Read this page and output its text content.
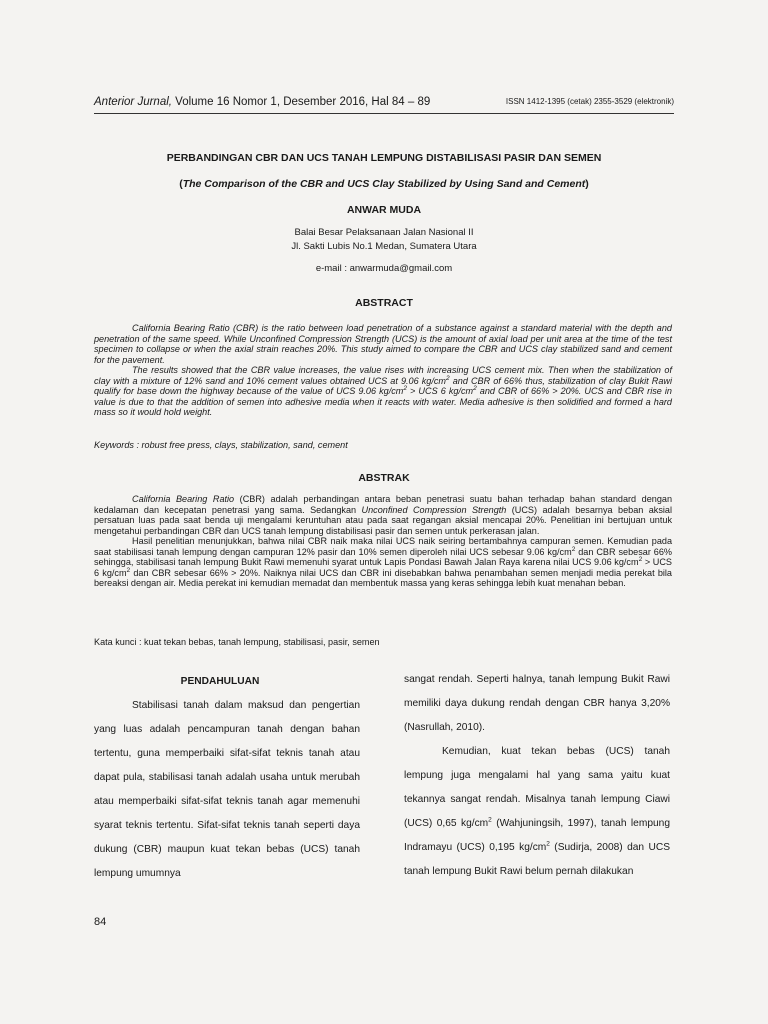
Anterior Jurnal, Volume 16 Nomor 1, Desember 2016, Hal 84 – 89	ISSN 1412-1395 (cetak) 2355-3529 (elektronik)
PERBANDINGAN CBR DAN UCS TANAH LEMPUNG DISTABILISASI PASIR DAN SEMEN
(The Comparison of the CBR and UCS Clay Stabilized by Using Sand and Cement)
ANWAR MUDA
Balai Besar Pelaksanaan Jalan Nasional II
Jl. Sakti Lubis No.1 Medan, Sumatera Utara
e-mail : anwarmuda@gmail.com
ABSTRACT

California Bearing Ratio (CBR) is the ratio between load penetration of a substance against a standard material with the depth and penetration of the same speed. While Unconfined Compression Strength (UCS) is the amount of axial load per unit area at the time of the test specimen to collapse or when the axial strain reaches 20%. This study aimed to compare the CBR and UCS clay stabilized sand and cement for the pavement.

The results showed that the CBR value increases, the value rises with increasing UCS cement mix. Then when the stabilization of clay with a mixture of 12% sand and 10% cement values obtained UCS at 9.06 $kg/cm^2$ and CBR of 66% thus, stabilization of clay Bukit Rawi qualify for base down the highway because of the value of UCS 9.06 $kg/cm^2$ > UCS 6 $kg/cm^2$ and CBR of 66% > 20%. UCS and CBR rise in value is due to that the addition of semen into adhesive media when it reacts with water. Media adhesive is then solidified and formed a hard mass so it would hold weight.

Keywords : robust free press, clays, stabilization, sand, cement
ABSTRAK

California Bearing Ratio (CBR) adalah perbandingan antara beban penetrasi suatu bahan terhadap bahan standard dengan kedalaman dan kecepatan penetrasi yang sama. Sedangkan Unconfined Compression Strength (UCS) adalah besarnya beban aksial persatuan luas pada saat benda uji mengalami keruntuhan atau pada saat regangan aksial mencapai 20%. Penelitian ini bertujuan untuk mengetahui perbandingan CBR dan UCS tanah lempung distabilisasi pasir dan semen untuk perkerasan jalan.

Hasil penelitian menunjukkan, bahwa nilai CBR naik maka nilai UCS naik seiring bertambahnya campuran semen. Kemudian pada saat stabilisasi tanah lempung dengan campuran 12% pasir dan 10% semen diperoleh nilai UCS sebesar 9.06 $kg/cm^2$ dan CBR sebesar 66% sehingga, stabilisasi tanah lempung Bukit Rawi memenuhi syarat untuk Lapis Pondasi Bawah Jalan Raya karena nilai UCS 9.06 $kg/cm^2$ > UCS 6 $kg/cm^2$ dan CBR sebesar 66% > 20%. Naiknya nilai UCS dan CBR ini disebabkan bahwa penambahan semen menjadi media perekat bila bereaksi dengan air. Media perekat ini kemudian memadat dan membentuk massa yang keras sehingga lebih kuat menahan beban.

Kata kunci : kuat tekan bebas, tanah lempung, stabilisasi, pasir, semen

PENDAHULUAN

Stabilisasi tanah dalam maksud dan pengertian yang luas adalah pencampuran tanah dengan bahan tertentu, guna memperbaiki sifat-sifat teknis tanah atau dapat pula, stabilisasi tanah adalah usaha untuk merubah atau memperbaiki sifat-sifat teknis tanah agar memenuhi syarat teknis tertentu. Sifat-sifat teknis tanah seperti daya dukung (CBR) maupun kuat tekan bebas (UCS) tanah lempung umumnya

sangat rendah. Seperti halnya, tanah lempung Bukit Rawi memiliki daya dukung rendah dengan CBR hanya 3,20% (Nasrullah, 2010).

Kemudian, kuat tekan bebas (UCS) tanah lempung juga mengalami hal yang sama yaitu kuat tekannya sangat rendah. Misalnya tanah lempung Ciawi (UCS) 0,65 $kg/cm^2$ (Wahjuningsih, 1997), tanah lempung Indramayu (UCS) 0,195 $kg/cm^2$ (Sudirja, 2008) dan UCS tanah lempung Bukit Rawi belum pernah dilakukan

84
